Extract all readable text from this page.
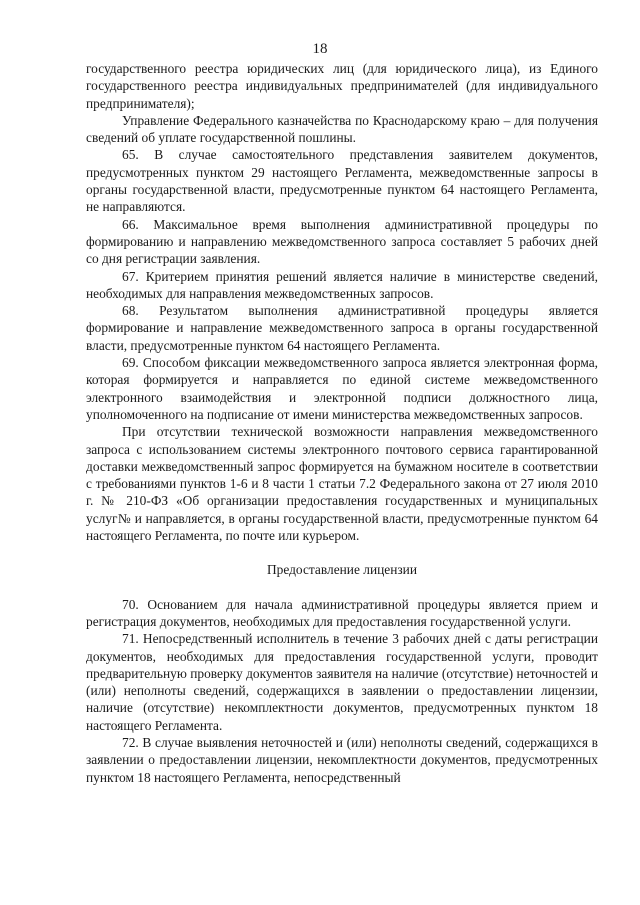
18

государственного реестра юридических лиц (для юридического лица), из Единого государственного реестра индивидуальных предпринимателей (для индивидуального предпринимателя);

Управление Федерального казначейства по Краснодарскому краю – для получения сведений об уплате государственной пошлины.

65. В случае самостоятельного представления заявителем документов, предусмотренных пунктом 29 настоящего Регламента, межведомственные запросы в органы государственной власти, предусмотренные пунктом 64 настоящего Регламента, не направляются.

66. Максимальное время выполнения административной процедуры по формированию и направлению межведомственного запроса составляет 5 рабочих дней со дня регистрации заявления.

67. Критерием принятия решений является наличие в министерстве сведений, необходимых для направления межведомственных запросов.

68. Результатом выполнения административной процедуры является формирование и направление межведомственного запроса в органы государственной власти, предусмотренные пунктом 64 настоящего Регламента.

69. Способом фиксации межведомственного запроса является электронная форма, которая формируется и направляется по единой системе межведомственного электронного взаимодействия и электронной подписи должностного лица, уполномоченного на подписание от имени министерства межведомственных запросов.

При отсутствии технической возможности направления межведомственного запроса с использованием системы электронного почтового сервиса гарантированной доставки межведомственный запрос формируется на бумажном носителе в соответствии с требованиями пунктов 1-6 и 8 части 1 статьи 7.2 Федерального закона от 27 июля 2010 г. № 210-ФЗ «Об организации предоставления государственных и муниципальных услуг№ и направляется, в органы государственной власти, предусмотренные пунктом 64 настоящего Регламента, по почте или курьером.

Предоставление лицензии

70. Основанием для начала административной процедуры является прием и регистрация документов, необходимых для предоставления государственной услуги.

71. Непосредственный исполнитель в течение 3 рабочих дней с даты регистрации документов, необходимых для предоставления государственной услуги, проводит предварительную проверку документов заявителя на наличие (отсутствие) неточностей и (или) неполноты сведений, содержащихся в заявлении о предоставлении лицензии, наличие (отсутствие) некомплектности документов, предусмотренных пунктом 18 настоящего Регламента.

72. В случае выявления неточностей и (или) неполноты сведений, содержащихся в заявлении о предоставлении лицензии, некомплектности документов, предусмотренных пунктом 18 настоящего Регламента, непосредственный
